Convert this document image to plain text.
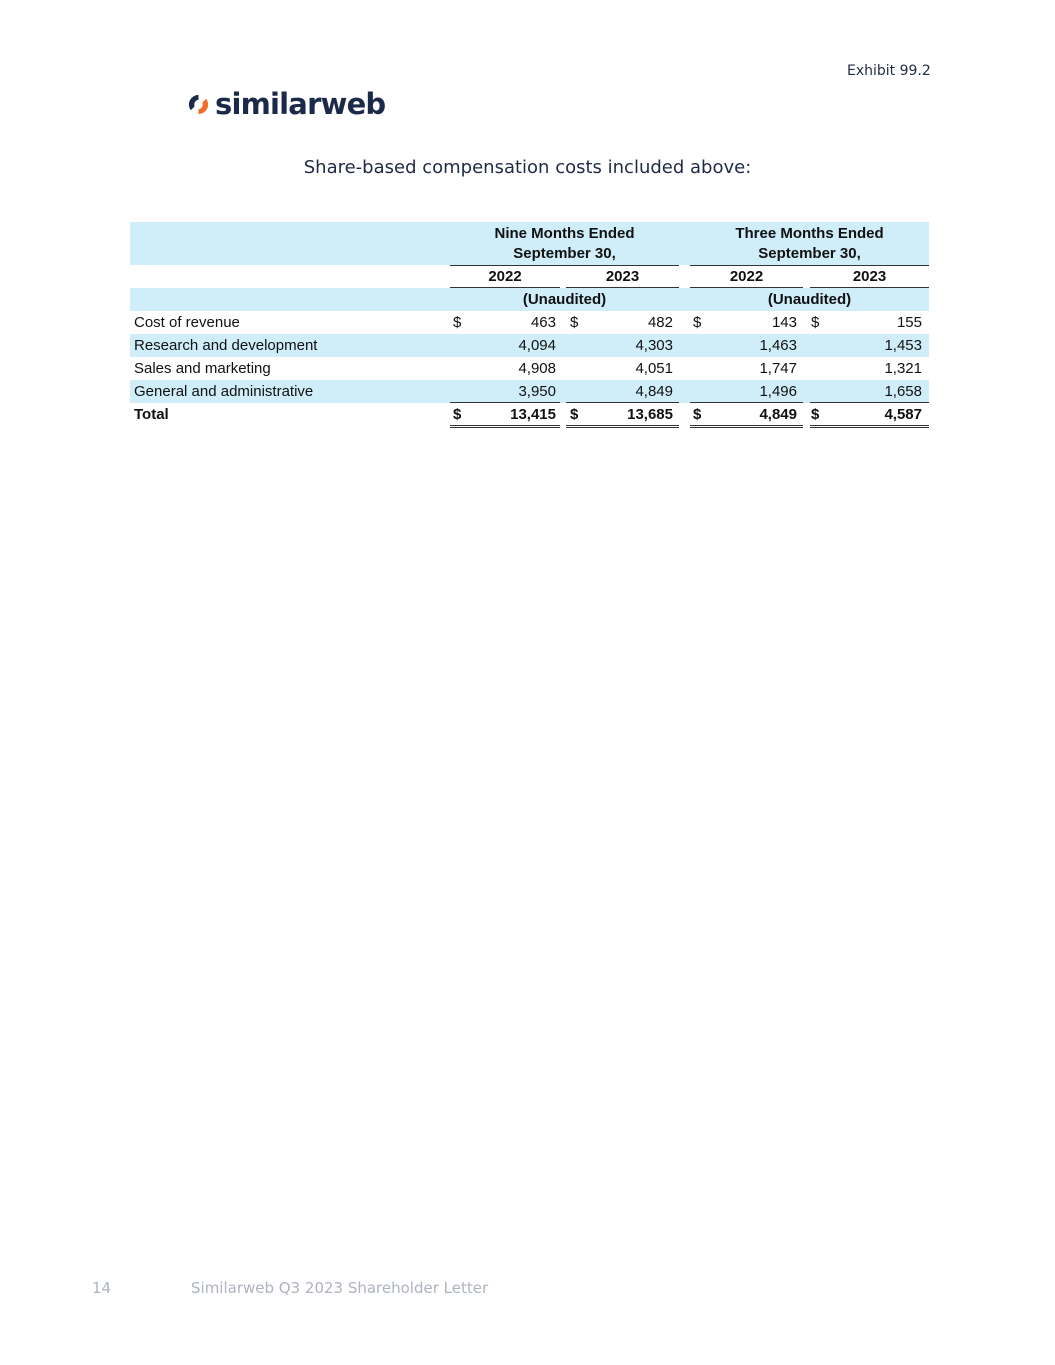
Exhibit 99.2
similarweb
Share-based compensation costs included above:
Nine Months Ended
September 30,
Three Months Ended
September 30,
2022	2023	2022	2023
(Unaudited)	(Unaudited)
Cost of revenue	$	463 $	482 $	143 $	155
Research and development	4,094	4,303	1,463	1,453
Sales and marketing	4,908	4,051	1,747	1,321
General and administrative	3,950	4,849	1,496	1,658
Total	$	13,415 $	13,685 $	4,849 $	4,587
14	Similarweb Q3 2023 Shareholder Letter
